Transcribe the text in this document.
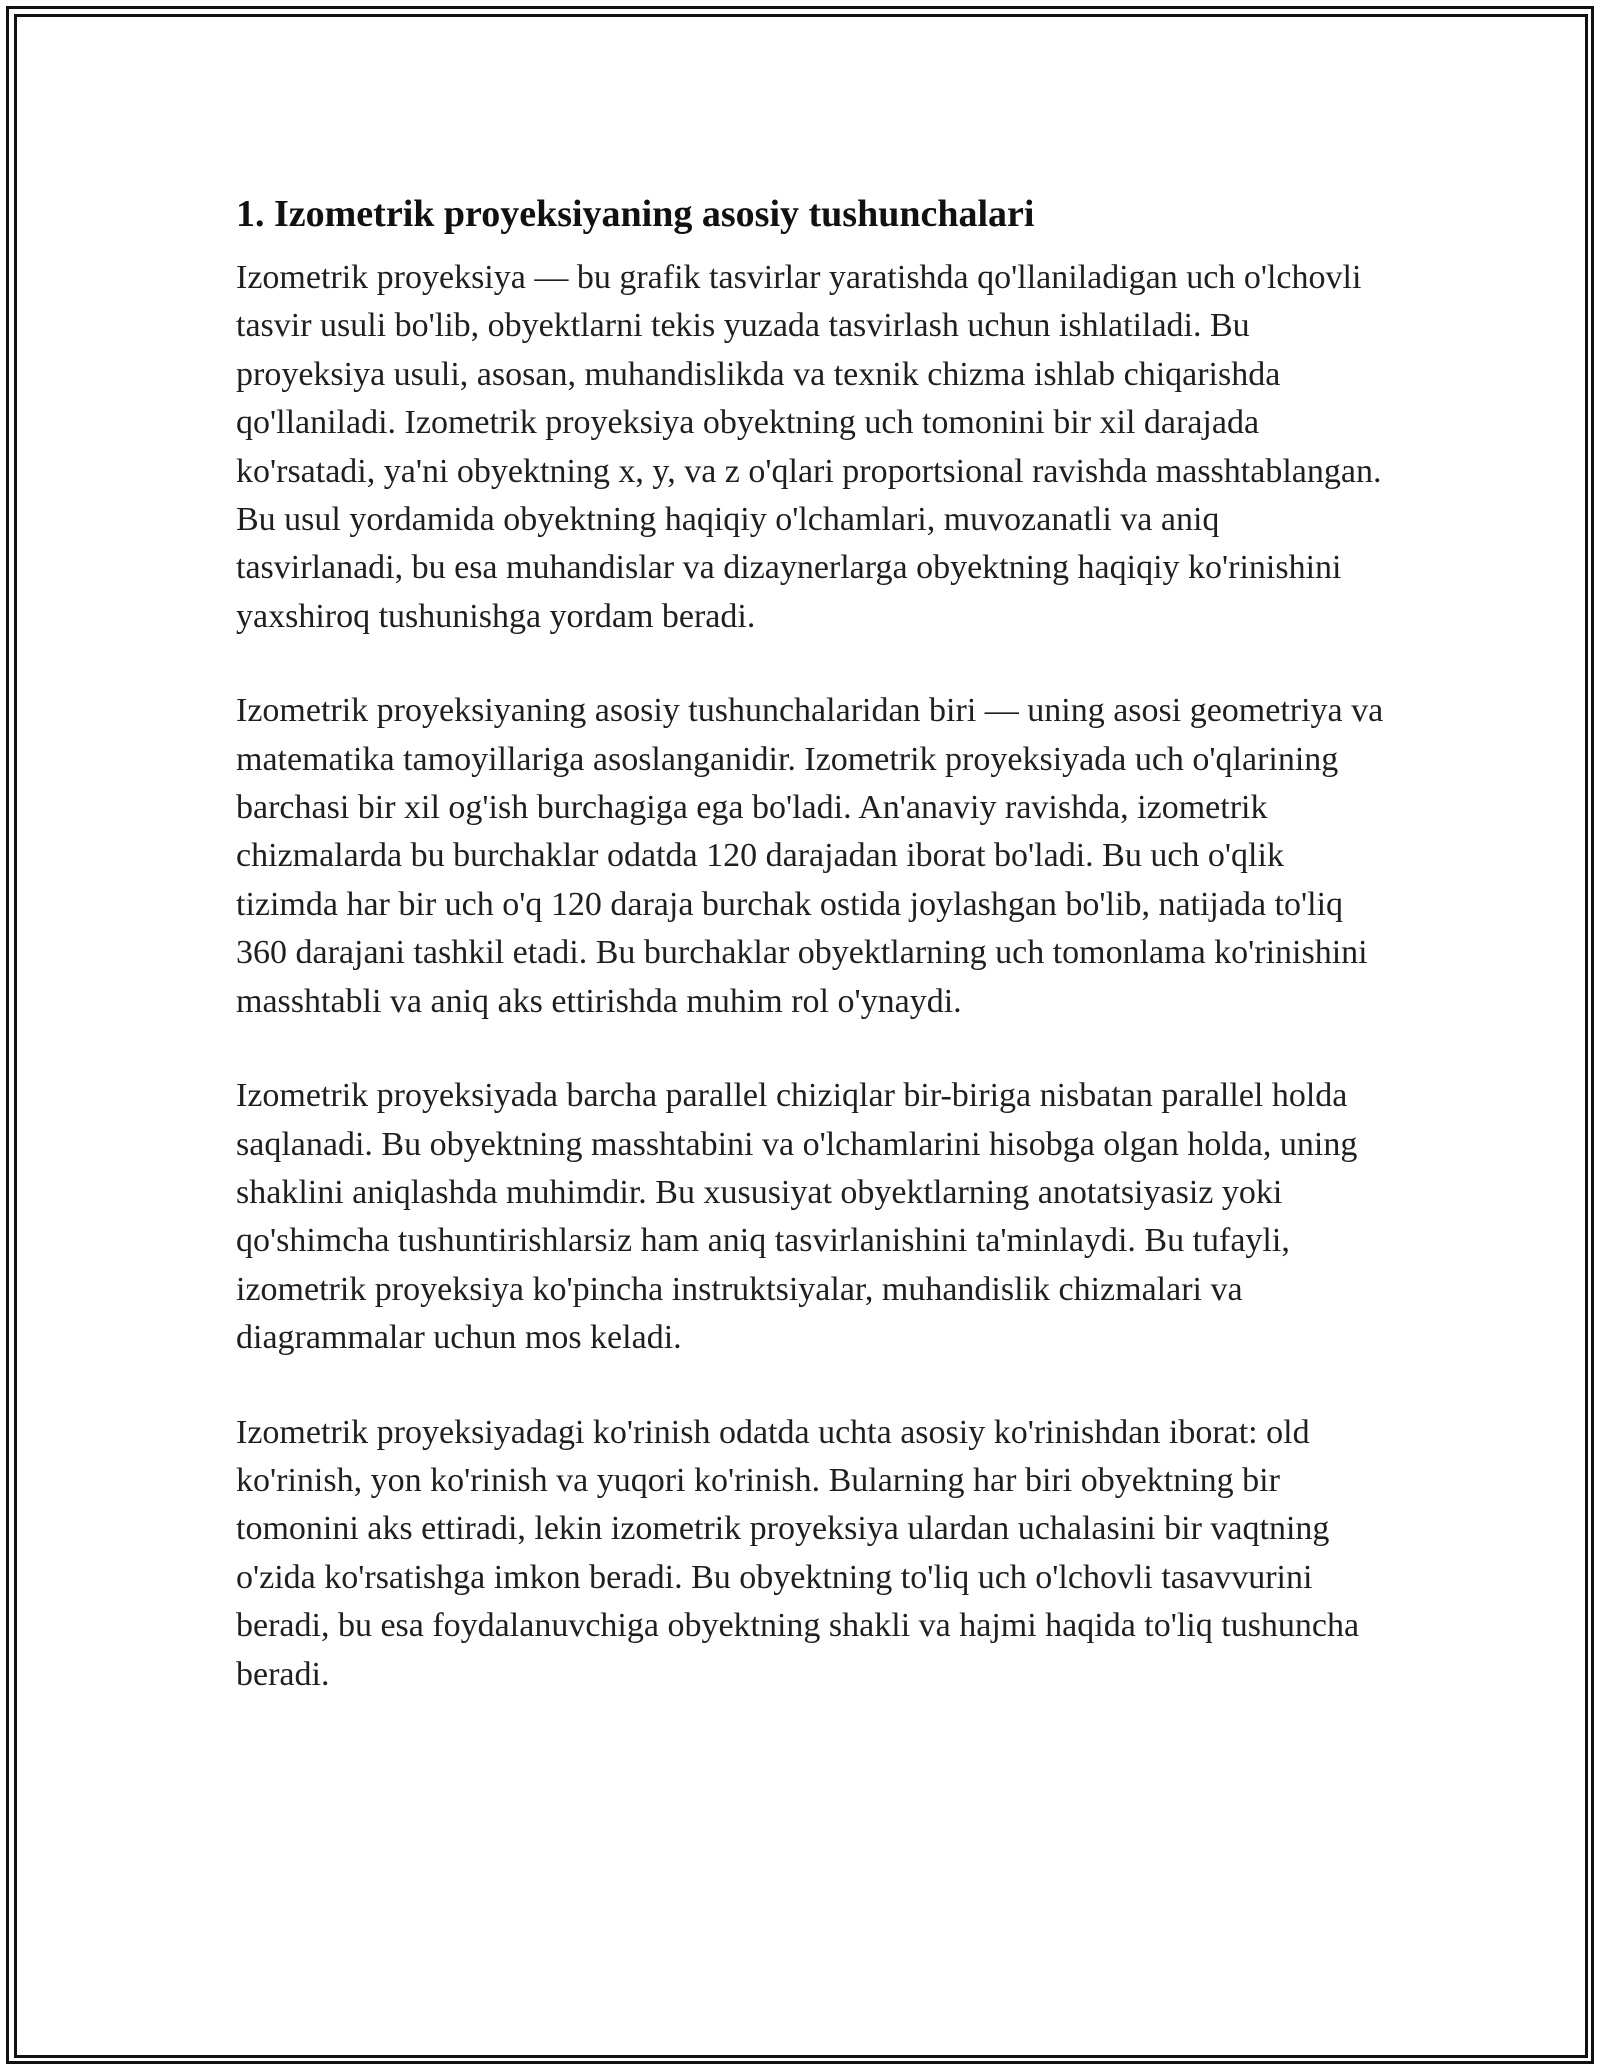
1. Izometrik proyeksiyaning asosiy tushunchalari

Izometrik proyeksiya — bu grafik tasvirlar yaratishda qo'llaniladigan uch o'lchovli tasvir usuli bo'lib, obyektlarni tekis yuzada tasvirlash uchun ishlatiladi. Bu proyeksiya usuli, asosan, muhandislikda va texnik chizma ishlab chiqarishda qo'llaniladi. Izometrik proyeksiya obyektning uch tomonini bir xil darajada ko'rsatadi, ya'ni obyektning x, y, va z o'qlari proportsional ravishda masshtablangan. Bu usul yordamida obyektning haqiqiy o'lchamlari, muvozanatli va aniq tasvirlanadi, bu esa muhandislar va dizaynerlarga obyektning haqiqiy ko'rinishini yaxshiroq tushunishga yordam beradi.

Izometrik proyeksiyaning asosiy tushunchalaridan biri — uning asosi geometriya va matematika tamoyillariga asoslanganidir. Izometrik proyeksiyada uch o'qlarining barchasi bir xil og'ish burchagiga ega bo'ladi. An'anaviy ravishda, izometrik chizmalarda bu burchaklar odatda 120 darajadan iborat bo'ladi. Bu uch o'qlik tizimda har bir uch o'q 120 daraja burchak ostida joylashgan bo'lib, natijada to'liq 360 darajani tashkil etadi. Bu burchaklar obyektlarning uch tomonlama ko'rinishini masshtabli va aniq aks ettirishda muhim rol o'ynaydi.

Izometrik proyeksiyada barcha parallel chiziqlar bir-biriga nisbatan parallel holda saqlanadi. Bu obyektning masshtabini va o'lchamlarini hisobga olgan holda, uning shaklini aniqlashda muhimdir. Bu xususiyat obyektlarning anotatsiyasiz yoki qo'shimcha tushuntirishlarsiz ham aniq tasvirlanishini ta'minlaydi. Bu tufayli, izometrik proyeksiya ko'pincha instruktsiyalar, muhandislik chizmalari va diagrammalar uchun mos keladi.

Izometrik proyeksiyadagi ko'rinish odatda uchta asosiy ko'rinishdan iborat: old ko'rinish, yon ko'rinish va yuqori ko'rinish. Bularning har biri obyektning bir tomonini aks ettiradi, lekin izometrik proyeksiya ulardan uchalasini bir vaqtning o'zida ko'rsatishga imkon beradi. Bu obyektning to'liq uch o'lchovli tasavvurini beradi, bu esa foydalanuvchiga obyektning shakli va hajmi haqida to'liq tushuncha beradi.
